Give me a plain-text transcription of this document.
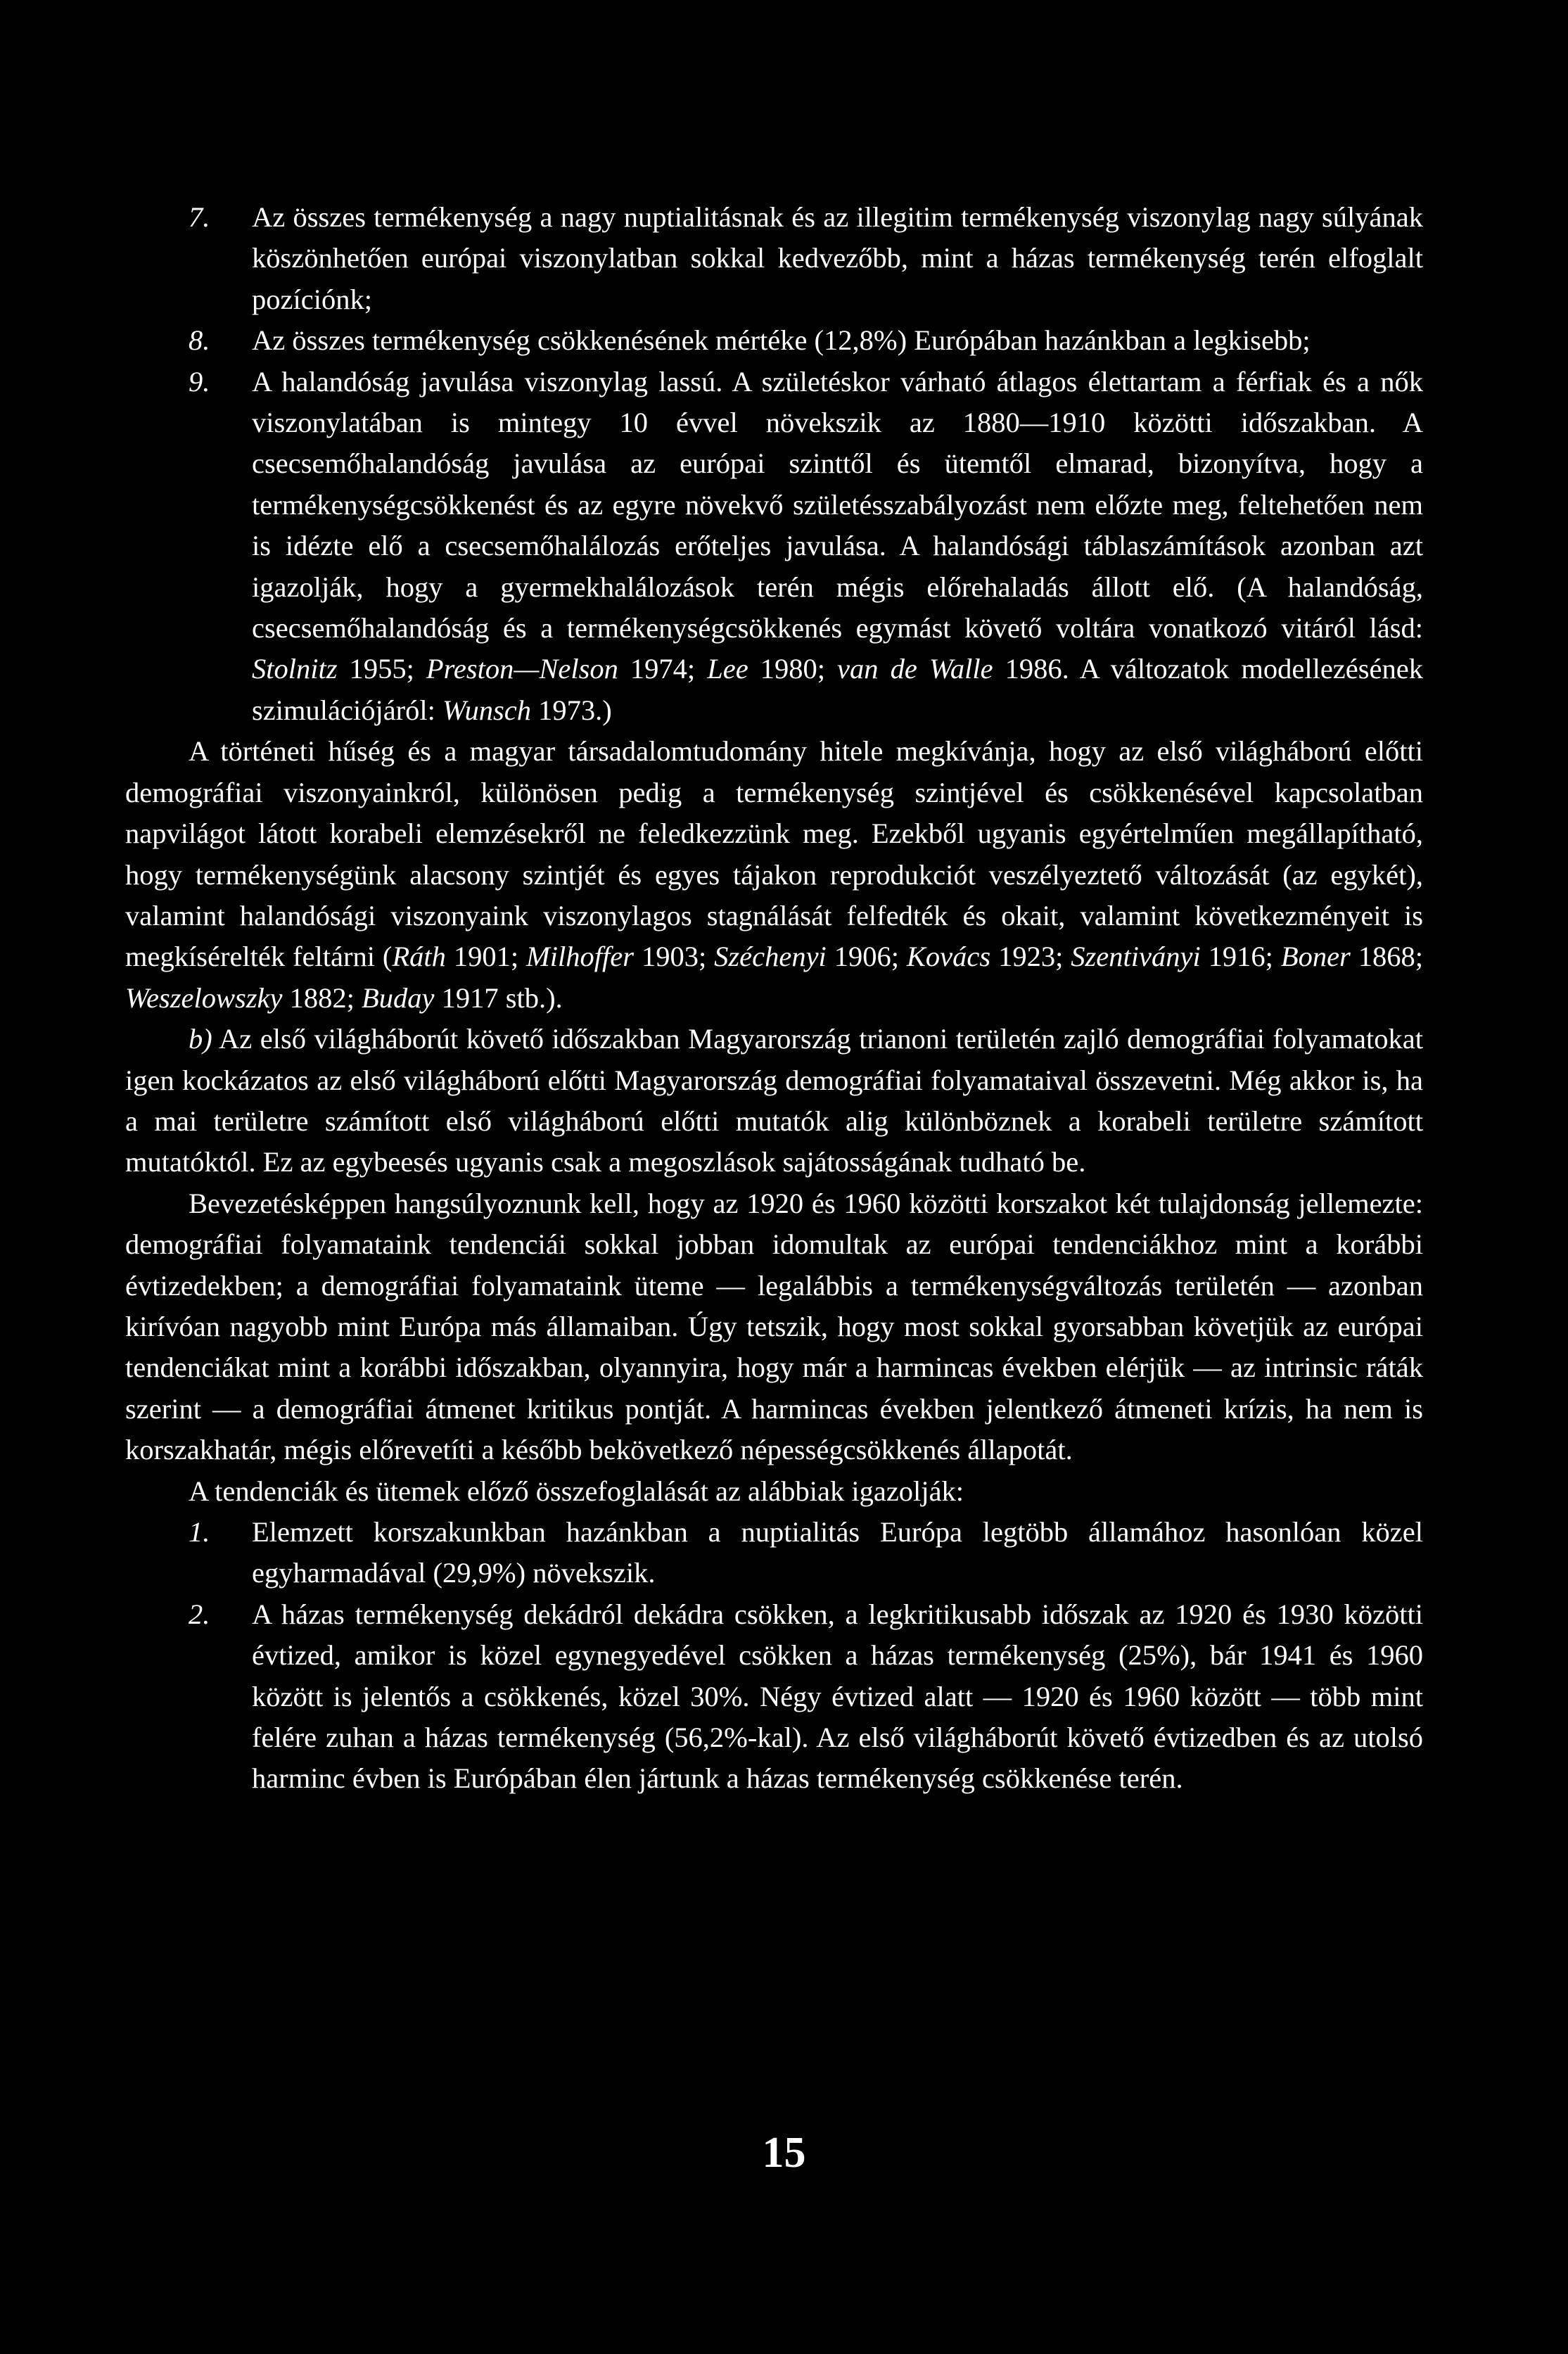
7. Az összes termékenység a nagy nuptialitásnak és az illegitim termékenység viszonylag nagy súlyának köszönhetően európai viszonylatban sokkal kedvezőbb, mint a házas termékenység terén elfoglalt pozíciónk;
8. Az összes termékenység csökkenésének mértéke (12,8%) Európában hazánkban a legkisebb;
9. A halandóság javulása viszonylag lassú. A születéskor várható átlagos élettartam a férfiak és a nők viszonylatában is mintegy 10 évvel növekszik az 1880—1910 közötti időszakban. A csecsemőhalandóság javulása az európai szinttől és ütemtől elmarad, bizonyítva, hogy a termékenységcsökkenést és az egyre növekvő születésszabályozást nem előzte meg, feltehetően nem is idézte elő a csecsemőhalálozás erőteljes javulása. A halandósági táblaszámítások azonban azt igazolják, hogy a gyermekhalálozások terén mégis előrehaladás állott elő. (A halandóság, csecsemőhalandóság és a termékenységcsökkenés egymást követő voltára vonatkozó vitáról lásd: Stolnitz 1955; Preston—Nelson 1974; Lee 1980; van de Walle 1986. A változatok modellezésének szimulációjáról: Wunsch 1973.)

A történeti hűség és a magyar társadalomtudomány hitele megkívánja, hogy az első világháború előtti demográfiai viszonyainkról, különösen pedig a termékenység szintjével és csökkenésével kapcsolatban napvilágot látott korabeli elemzésekről ne feledkezzünk meg. Ezekből ugyanis egyértelműen megállapítható, hogy termékenységünk alacsony szintjét és egyes tájakon reprodukciót veszélyeztető változását (az egykét), valamint halandósági viszonyaink viszonylagos stagnálását felfedték és okait, valamint következményeit is megkísérelték feltárni (Ráth 1901; Milhoffer 1903; Széchenyi 1906; Kovács 1923; Szentiványi 1916; Boner 1868; Weszelowszky 1882; Buday 1917 stb.).

b) Az első világháborút követő időszakban Magyarország trianoni területén zajló demográfiai folyamatokat igen kockázatos az első világháború előtti Magyarország demográfiai folyamataival összevetni. Még akkor is, ha a mai területre számított első világháború előtti mutatók alig különböznek a korabeli területre számított mutatóktól. Ez az egybeesés ugyanis csak a megoszlások sajátosságának tudható be.

Bevezetésképpen hangsúlyoznunk kell, hogy az 1920 és 1960 közötti korszakot két tulajdonság jellemezte: demográfiai folyamataink tendenciái sokkal jobban idomultak az európai tendenciákhoz mint a korábbi évtizedekben; a demográfiai folyamataink üteme — legalábbis a termékenységváltozás területén — azonban kirívóan nagyobb mint Európa más államaiban. Úgy tetszik, hogy most sokkal gyorsabban követjük az európai tendenciákat mint a korábbi időszakban, olyannyira, hogy már a harmincas években elérjük — az intrinsic ráták szerint — a demográfiai átmenet kritikus pontját. A harmincas években jelentkező átmeneti krízis, ha nem is korszakhatár, mégis előrevetíti a később bekövetkező népességcsökkenés állapotát.

A tendenciák és ütemek előző összefoglalását az alábbiak igazolják:

1. Elemzett korszakunkban hazánkban a nuptialitás Európa legtöbb államához hasonlóan közel egyharmadával (29,9%) növekszik.
2. A házas termékenység dekádról dekádra csökken, a legkritikusabb időszak az 1920 és 1930 közötti évtized, amikor is közel egynegyedével csökken a házas termékenység (25%), bár 1941 és 1960 között is jelentős a csökkenés, közel 30%. Négy évtized alatt — 1920 és 1960 között — több mint felére zuhan a házas termékenység (56,2%-kal). Az első világháborút követő évtizedben és az utolsó harminc évben is Európában élen jártunk a házas termékenység csökkenése terén.
15
